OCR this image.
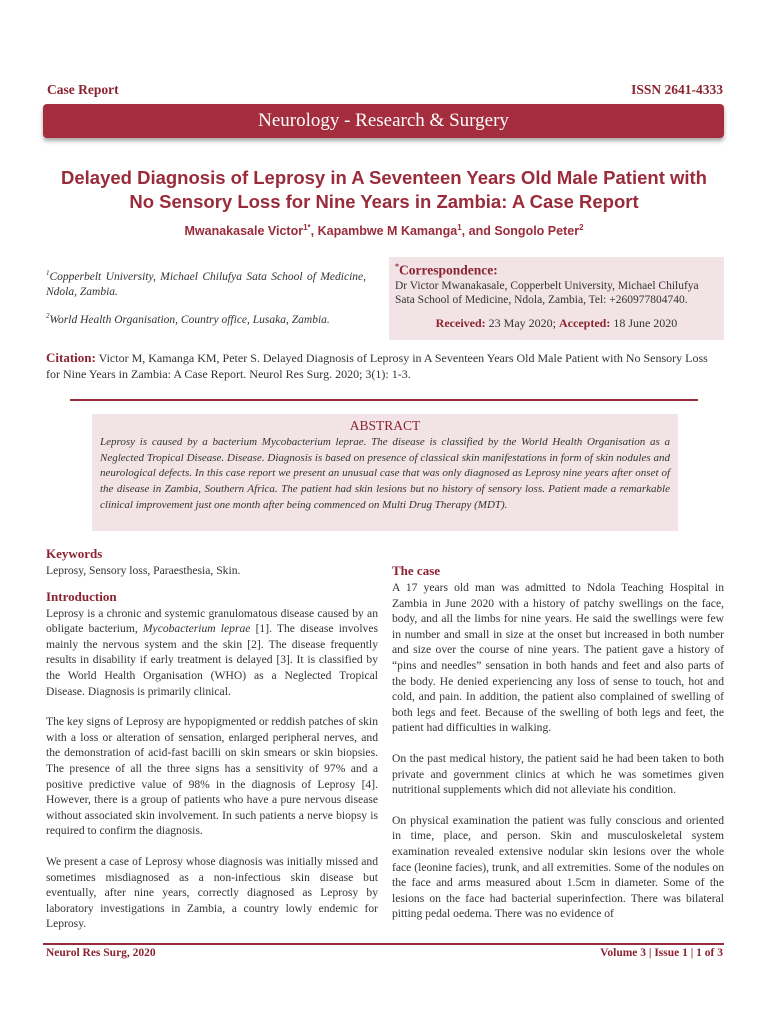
Case Report	ISSN 2641-4333
Neurology - Research & Surgery
Delayed Diagnosis of Leprosy in A Seventeen Years Old Male Patient with
No Sensory Loss for Nine Years in Zambia: A Case Report
Mwanakasale Victor$^{1*}$, Kapambwe M Kamanga$^1$, and Songolo Peter$^2$
$^1$Copperbelt University, Michael Chilufya Sata School of Medicine, Ndola, Zambia.
$^2$World Health Organisation, Country office, Lusaka, Zambia.
*Correspondence:
Dr Victor Mwanakasale, Copperbelt University, Michael Chilufya Sata School of Medicine, Ndola, Zambia, Tel: +260977804740.
Received: 23 May 2020; Accepted: 18 June 2020
Citation: Victor M, Kamanga KM, Peter S. Delayed Diagnosis of Leprosy in A Seventeen Years Old Male Patient with No Sensory Loss for Nine Years in Zambia: A Case Report. Neurol Res Surg. 2020; 3(1): 1-3.
ABSTRACT
Leprosy is caused by a bacterium Mycobacterium leprae. The disease is classified by the World Health Organisation as a Neglected Tropical Disease. Disease. Diagnosis is based on presence of classical skin manifestations in form of skin nodules and neurological defects. In this case report we present an unusual case that was only diagnosed as Leprosy nine years after onset of the disease in Zambia, Southern Africa. The patient had skin lesions but no history of sensory loss. Patient made a remarkable clinical improvement just one month after being commenced on Multi Drug Therapy (MDT).
Keywords

Leprosy, Sensory loss, Paraesthesia, Skin.

Introduction

Leprosy is a chronic and systemic granulomatous disease caused by an obligate bacterium, Mycobacterium leprae [1]. The disease involves mainly the nervous system and the skin [2]. The disease frequently results in disability if early treatment is delayed [3]. It is classified by the World Health Organisation (WHO) as a Neglected Tropical Disease. Diagnosis is primarily clinical.

The key signs of Leprosy are hypopigmented or reddish patches of skin with a loss or alteration of sensation, enlarged peripheral nerves, and the demonstration of acid-fast bacilli on skin smears or skin biopsies. The presence of all the three signs has a sensitivity of 97% and a positive predictive value of 98% in the diagnosis of Leprosy [4]. However, there is a group of patients who have a pure nervous disease without associated skin involvement. In such patients a nerve biopsy is required to confirm the diagnosis.

We present a case of Leprosy whose diagnosis was initially missed and sometimes misdiagnosed as a non-infectious skin disease but eventually, after nine years, correctly diagnosed as Leprosy by laboratory investigations in Zambia, a country lowly endemic for Leprosy.

The case

A 17 years old man was admitted to Ndola Teaching Hospital in Zambia in June 2020 with a history of patchy swellings on the face, body, and all the limbs for nine years. He said the swellings were few in number and small in size at the onset but increased in both number and size over the course of nine years. The patient gave a history of “pins and needles” sensation in both hands and feet and also parts of the body. He denied experiencing any loss of sense to touch, hot and cold, and pain. In addition, the patient also complained of swelling of both legs and feet. Because of the swelling of both legs and feet, the patient had difficulties in walking.

On the past medical history, the patient said he had been taken to both private and government clinics at which he was sometimes given nutritional supplements which did not alleviate his condition.

On physical examination the patient was fully conscious and oriented in time, place, and person. Skin and musculoskeletal system examination revealed extensive nodular skin lesions over the whole face (leonine facies), trunk, and all extremities. Some of the nodules on the face and arms measured about 1.5cm in diameter. Some of the lesions on the face had bacterial superinfection. There was bilateral pitting pedal oedema. There was no evidence of

Neurol Res Surg, 2020	Volume 3 | Issue 1 | 1 of 3
